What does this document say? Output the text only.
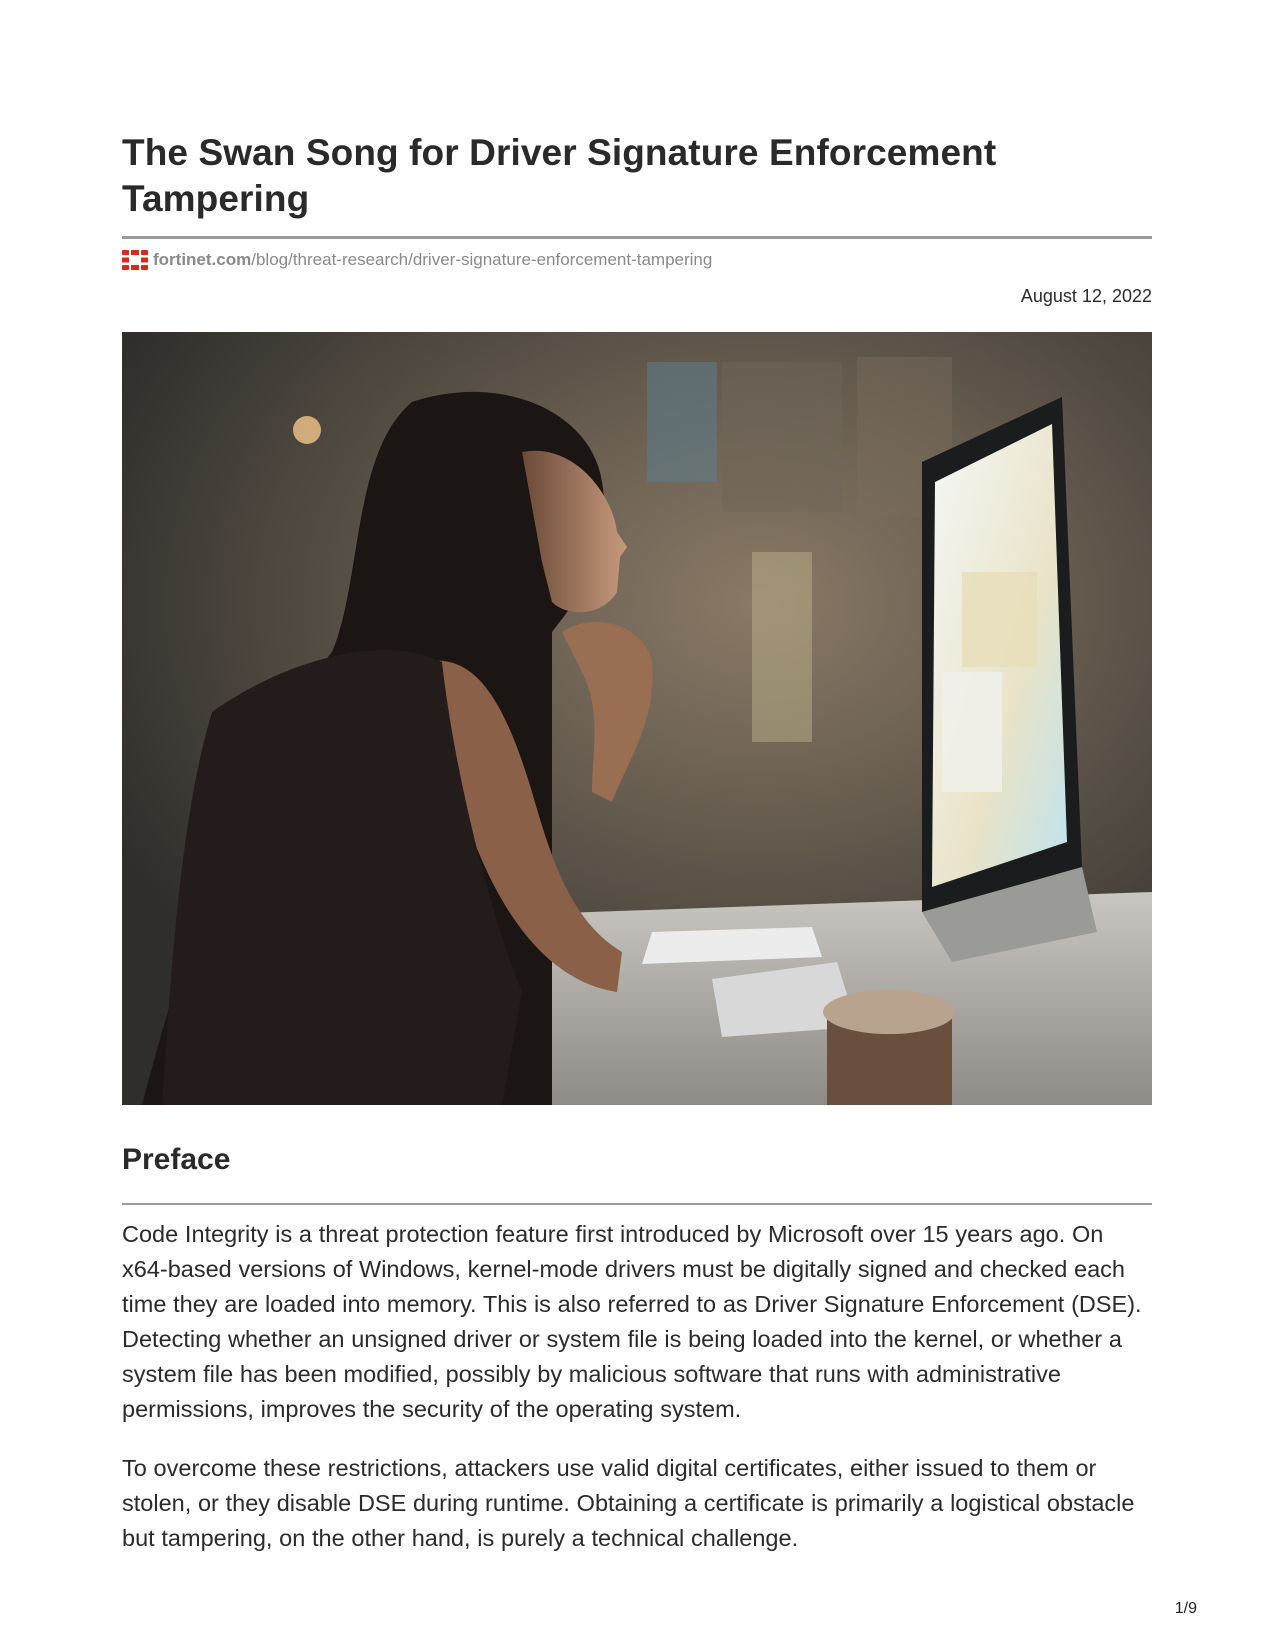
The Swan Song for Driver Signature Enforcement Tampering
fortinet.com /blog/threat-research/driver-signature-enforcement-tampering
August 12, 2022
Preface

Code Integrity is a threat protection feature first introduced by Microsoft over 15 years ago. On x64-based versions of Windows, kernel-mode drivers must be digitally signed and checked each time they are loaded into memory. This is also referred to as Driver Signature Enforcement (DSE). Detecting whether an unsigned driver or system file is being loaded into the kernel, or whether a system file has been modified, possibly by malicious software that runs with administrative permissions, improves the security of the operating system.

To overcome these restrictions, attackers use valid digital certificates, either issued to them or stolen, or they disable DSE during runtime. Obtaining a certificate is primarily a logistical obstacle but tampering, on the other hand, is purely a technical challenge.

1/9
